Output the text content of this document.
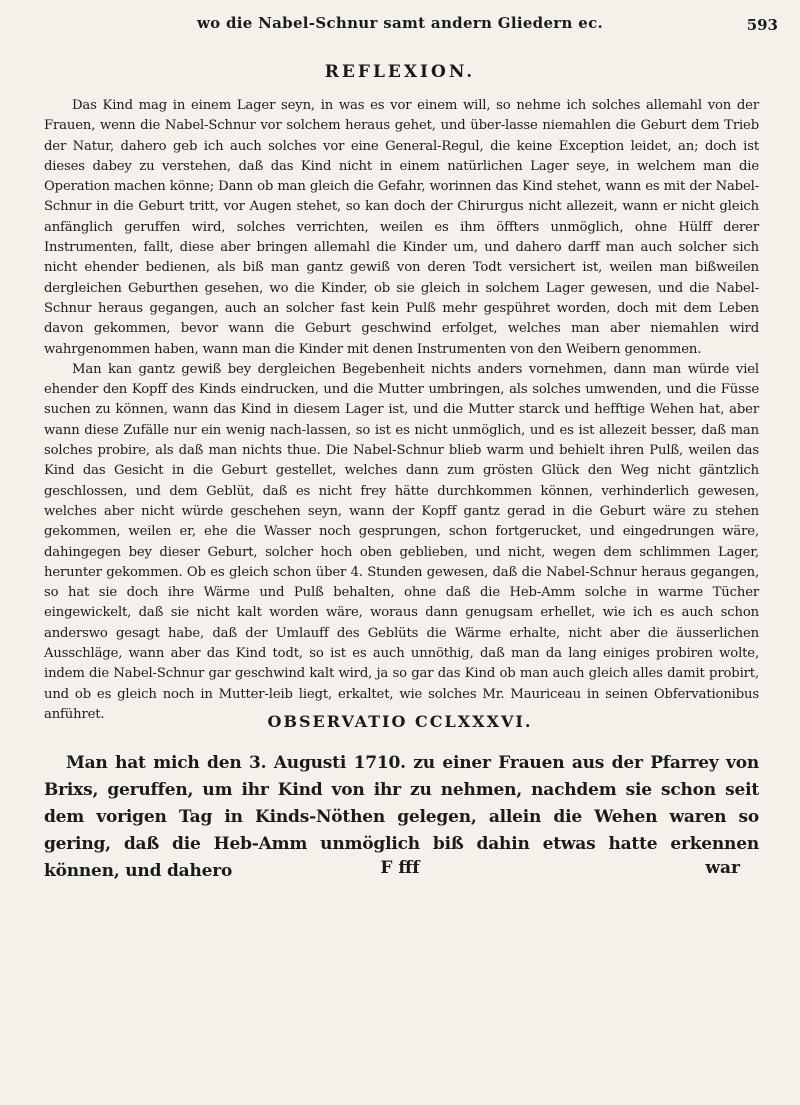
wo die Nabel-Schnur samt andern Gliedern ec.	593
REFLEXION.

Das Kind mag in einem Lager seyn, in was es vor einem will, so nehme ich solches allemahl von der Frauen, wenn die Nabel-Schnur vor solchem heraus gehet, und über-lasse niemahlen die Geburt dem Trieb der Natur, dahero geb ich auch solches vor eine General-Regul, die keine Exception leidet, an; doch ist dieses dabey zu verstehen, daß das Kind nicht in einem natürlichen Lager seye, in welchem man die Operation machen könne; Dann ob man gleich die Gefahr, worinnen das Kind stehet, wann es mit der Nabel-Schnur in die Geburt tritt, vor Augen stehet, so kan doch der Chirurgus nicht allezeit, wann er nicht gleich anfänglich geruffen wird, solches verrichten, weilen es ihm öffters unmöglich, ohne Hülff derer Instrumenten, fallt, diese aber bringen allemahl die Kinder um, und dahero darff man auch solcher sich nicht ehender bedienen, als biß man gantz gewiß von deren Todt versichert ist, weilen man bißweilen dergleichen Geburthen gesehen, wo die Kinder, ob sie gleich in solchem Lager gewesen, und die Nabel-Schnur heraus gegangen, auch an solcher fast kein Pulß mehr gespühret worden, doch mit dem Leben davon gekommen, bevor wann die Geburt geschwind erfolget, welches man aber niemahlen wird wahrgenommen haben, wann man die Kinder mit denen Instrumenten von den Weibern genommen.

Man kan gantz gewiß bey dergleichen Begebenheit nichts anders vornehmen, dann man würde viel ehender den Kopff des Kinds eindrucken, und die Mutter umbringen, als solches umwenden, und die Füsse suchen zu können, wann das Kind in diesem Lager ist, und die Mutter starck und hefftige Wehen hat, aber wann diese Zufälle nur ein wenig nach-lassen, so ist es nicht unmöglich, und es ist allezeit besser, daß man solches probire, als daß man nichts thue. Die Nabel-Schnur blieb warm und behielt ihren Pulß, weilen das Kind das Gesicht in die Geburt gestellet, welches dann zum grösten Glück den Weg nicht gäntzlich geschlossen, und dem Geblüt, daß es nicht frey hätte durchkommen können, verhinderlich gewesen, welches aber nicht würde geschehen seyn, wann der Kopff gantz gerad in die Geburt wäre zu stehen gekommen, weilen er, ehe die Wasser noch gesprungen, schon fortgerucket, und eingedrungen wäre, dahingegen bey dieser Geburt, solcher hoch oben geblieben, und nicht, wegen dem schlimmen Lager, herunter gekommen. Ob es gleich schon über 4. Stunden gewesen, daß die Nabel-Schnur heraus gegangen, so hat sie doch ihre Wärme und Pulß behalten, ohne daß die Heb-Amm solche in warme Tücher eingewickelt, daß sie nicht kalt worden wäre, woraus dann genugsam erhellet, wie ich es auch schon anderswo gesagt habe, daß der Umlauff des Geblüts die Wärme erhalte, nicht aber die äusserlichen Ausschläge, wann aber das Kind todt, so ist es auch unnöthig, daß man da lang einiges probiren wolte, indem die Nabel-Schnur gar geschwind kalt wird, ja so gar das Kind ob man auch gleich alles damit probirt, und ob es gleich noch in Mutter-leib liegt, erkaltet, wie solches Mr. Mauriceau in seinen Obfervationibus anführet.	OBSERVATIO CCLXXXVI.

Man hat mich den 3. Augusti 1710. zu einer Frauen aus der Pfarrey von Brixs, geruffen, um ihr Kind von ihr zu nehmen, nachdem sie schon seit dem vorigen Tag in Kinds-Nöthen gelegen, allein die Wehen waren so gering, daß die Heb-Amm unmöglich biß dahin etwas hatte erkennen können, und dahero	F fff	war
